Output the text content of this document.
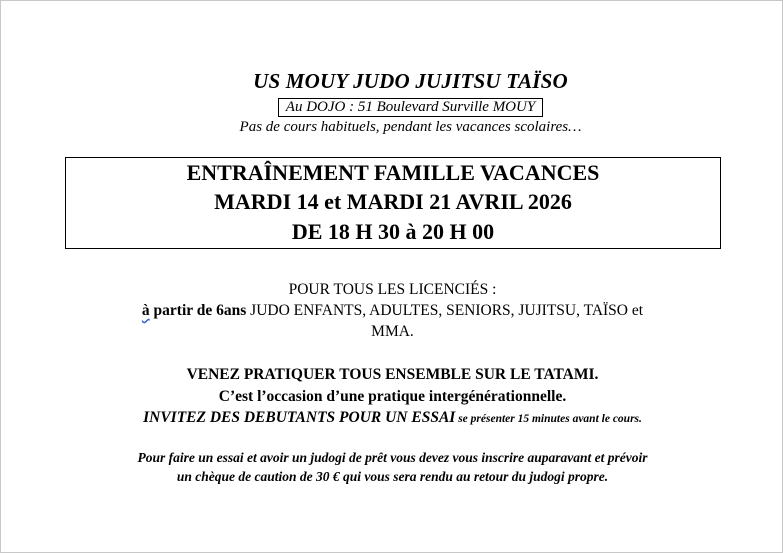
US MOUY JUDO JUJITSU TAÏSO
Au DOJO : 51 Boulevard Surville MOUY
Pas de cours habituels, pendant les vacances scolaires…
ENTRAÎNEMENT FAMILLE VACANCES
MARDI 14 et MARDI 21 AVRIL 2026
DE 18 H 30 à 20 H 00
POUR TOUS LES LICENCIÉS :
à partir de 6ans JUDO ENFANTS, ADULTES, SENIORS, JUJITSU, TAÏSO et
MMA.
VENEZ PRATIQUER TOUS ENSEMBLE SUR LE TATAMI.
C’est l’occasion d’une pratique intergénérationnelle.
INVITEZ DES DEBUTANTS POUR UN ESSAI se présenter 15 minutes avant le cours.
Pour faire un essai et avoir un judogi de prêt vous devez vous inscrire auparavant et prévoir
un chèque de caution de 30 € qui vous sera rendu au retour du judogi propre.
